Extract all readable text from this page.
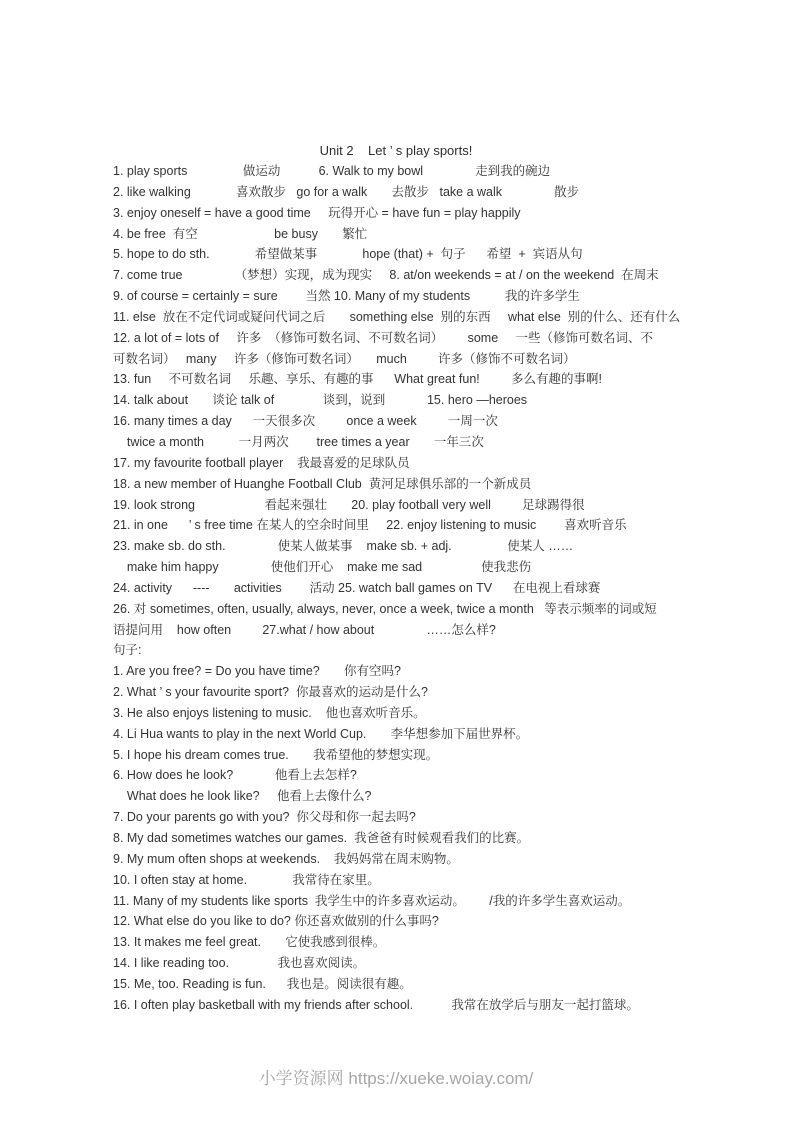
Unit 2    Let ’ s play sports!
1. play sports                做运动           6. Walk to my bowl               走到我的碗边
2. like walking             喜欢散步   go for a walk       去散步   take a walk               散步
3. enjoy oneself = have a good time     玩得开心 = have fun = play happily
4. be free  有空                      be busy       繁忙
5. hope to do sth.             希望做某事             hope (that) +  句子      希望  +  宾语从句
7. come true               （梦想）实现，成为现实     8. at/on weekends = at / on the weekend  在周末
9. of course = certainly = sure        当然 10. Many of my students          我的许多学生
11. else  放在不定代词或疑问代词之后       something else  别的东西     what else  别的什么、还有什么
12. a lot of = lots of     许多  （修饰可数名词、不可数名词）       some     一些（修饰可数名词、不
可数名词）   many     许多（修饰可数名词）     much         许多（修饰不可数名词）
13. fun     不可数名词     乐趣、享乐、有趣的事      What great fun!         多么有趣的事啊!
14. talk about       谈论 talk of              谈到，说到            15. hero —heroes
16. many times a day      一天很多次         once a week         一周一次
twice a month          一月两次        tree times a year       一年三次
17. my favourite football player    我最喜爱的足球队员
18. a new member of Huanghe Football Club  黄河足球俱乐部的一个新成员
19. look strong                    看起来强壮       20. play football very well         足球踢得很
21. in one      ’ s free time 在某人的空余时间里     22. enjoy listening to music        喜欢听音乐
23. make sb. do sth.               使某人做某事    make sb. + adj.                使某人 ……
make him happy               使他们开心    make me sad                 使我悲伤
24. activity      ----       activities        活动 25. watch ball games on TV      在电视上看球赛
26. 对 sometimes, often, usually, always, never, once a week, twice a month   等表示频率的词或短
语提问用    how often         27.what / how about               ……怎么样?
句子:
1. Are you free? = Do you have time?       你有空吗?
2. What ’ s your favourite sport?  你最喜欢的运动是什么?
3. He also enjoys listening to music.    他也喜欢听音乐。
4. Li Hua wants to play in the next World Cup.       李华想参加下届世界杯。
5. I hope his dream comes true.       我希望他的梦想实现。
6. How does he look?            他看上去怎样?
What does he look like?     他看上去像什么?
7. Do your parents go with you?  你父母和你一起去吗?
8. My dad sometimes watches our games.  我爸爸有时候观看我们的比赛。
9. My mum often shops at weekends.    我妈妈常在周末购物。
10. I often stay at home.             我常待在家里。
11. Many of my students like sports  我学生中的许多喜欢运动。       /我的许多学生喜欢运动。
12. What else do you like to do? 你还喜欢做别的什么事吗?
13. It makes me feel great.       它使我感到很棒。
14. I like reading too.              我也喜欢阅读。
15. Me, too. Reading is fun.      我也是。阅读很有趣。
16. I often play basketball with my friends after school.           我常在放学后与朋友一起打篮球。
小学资源网 https://xueke.woiay.com/
